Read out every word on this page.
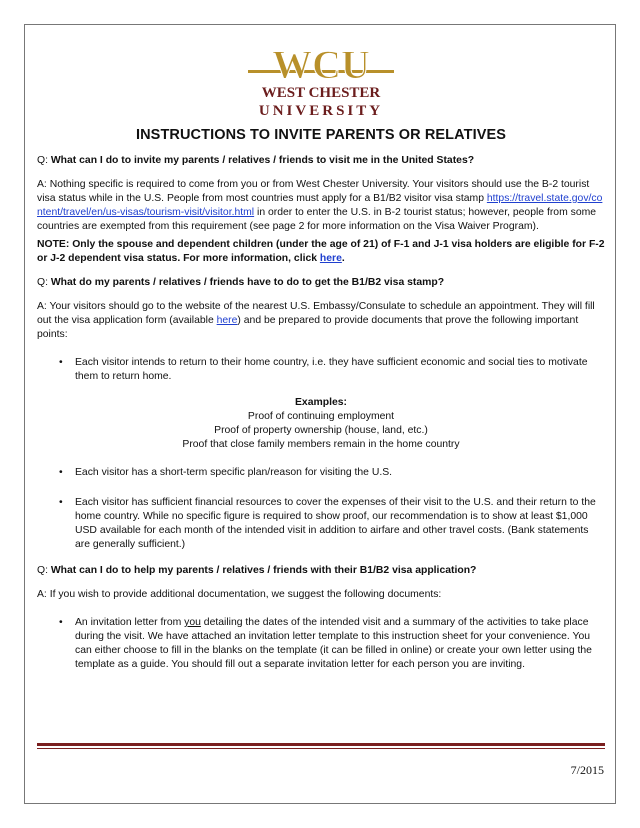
WCU
WEST CHESTER
UNIVERSITY
INSTRUCTIONS TO INVITE PARENTS OR RELATIVES

Q: What can I do to invite my parents / relatives / friends to visit me in the United States?

A: Nothing specific is required to come from you or from West Chester University. Your visitors should use the B-2 tourist visa status while in the U.S. People from most countries must apply for a B1/B2 visitor visa stamp https://travel.state.gov/content/travel/en/us-visas/tourism-visit/visitor.html in order to enter the U.S. in B-2 tourist status; however, people from some countries are exempted from this requirement (see page 2 for more information on the Visa Waiver Program).

NOTE: Only the spouse and dependent children (under the age of 21) of F-1 and J-1 visa holders are eligible for F-2 or J-2 dependent visa status. For more information, click here.

Q: What do my parents / relatives / friends have to do to get the B1/B2 visa stamp?

A: Your visitors should go to the website of the nearest U.S. Embassy/Consulate to schedule an appointment. They will fill out the visa application form (available here) and be prepared to provide documents that prove the following important points:

• Each visitor intends to return to their home country, i.e. they have sufficient economic and social ties to motivate them to return home.
Examples:
Proof of continuing employment
Proof of property ownership (house, land, etc.)
Proof that close family members remain in the home country
• Each visitor has a short-term specific plan/reason for visiting the U.S.
• Each visitor has sufficient financial resources to cover the expenses of their visit to the U.S. and their return to the home country. While no specific figure is required to show proof, our recommendation is to show at least $1,000 USD available for each month of the intended visit in addition to airfare and other travel costs. (Bank statements are generally sufficient.)

Q: What can I do to help my parents / relatives / friends with their B1/B2 visa application?

A: If you wish to provide additional documentation, we suggest the following documents:

• An invitation letter from you detailing the dates of the intended visit and a summary of the activities to take place during the visit. We have attached an invitation letter template to this instruction sheet for your convenience. You can either choose to fill in the blanks on the template (it can be filled in online) or create your own letter using the template as a guide. You should fill out a separate invitation letter for each person you are inviting.
7/2015
